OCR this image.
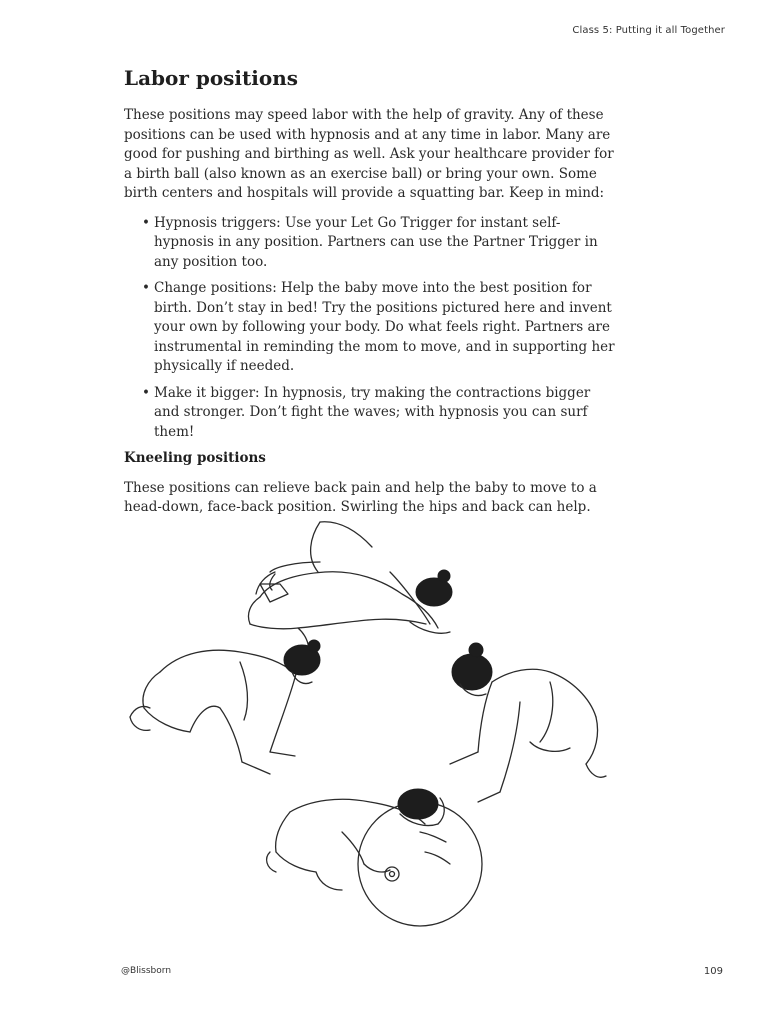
Class 5: Putting it all Together
Labor positions

These positions may speed labor with the help of gravity. Any of these positions can be used with hypnosis and at any time in labor. Many are good for pushing and birthing as well. Ask your healthcare provider for a birth ball (also known as an exercise ball) or bring your own. Some birth centers and hospitals will provide a squatting bar. Keep in mind:

• Hypnosis triggers: Use your Let Go Trigger for instant self-hypnosis in any position. Partners can use the Partner Trigger in any position too.
• Change positions: Help the baby move into the best position for birth. Don’t stay in bed! Try the positions pictured here and invent your own by following your body. Do what feels right. Partners are instrumental in reminding the mom to move, and in supporting her physically if needed.
• Make it bigger: In hypnosis, try making the contractions bigger and stronger. Don’t fight the waves; with hypnosis you can surf them!
Kneeling positions

These positions can relieve back pain and help the baby to move to a head-down, face-back position. Swirling the hips and back can help.

@Blissborn	109
